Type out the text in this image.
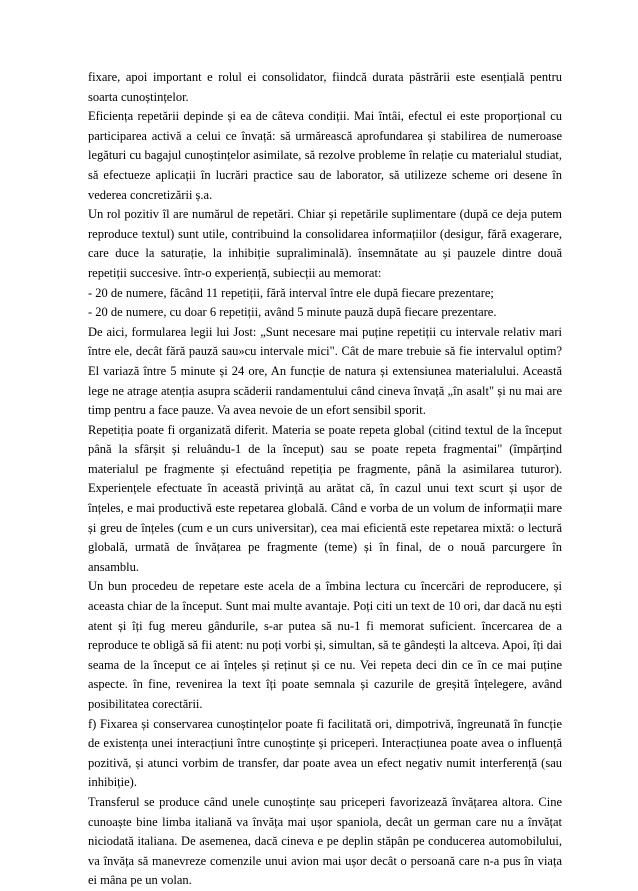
fixare, apoi important e rolul ei consolidator, fiindcă durata păstrării este esențială pentru soarta cunoștințelor.

Eficiența repetării depinde și ea de câteva condiții. Mai întâi, efectul ei este proporțional cu participarea activă a celui ce învață: să urmărească aprofundarea și stabilirea de numeroase legături cu bagajul cunoștințelor asimilate, să rezolve probleme în relație cu materialul studiat, să efectueze aplicații în lucrări practice sau de laborator, să utilizeze scheme ori desene în vederea concretizării ș.a.

Un rol pozitiv îl are numărul de repetări. Chiar și repetările suplimentare (după ce deja putem reproduce textul) sunt utile, contribuind la consolidarea informațiilor (desigur, fără exagerare, care duce la saturație, la inhibiție supraliminală). însemnătate au și pauzele dintre două repetiții succesive. într-o experiență, subiecții au memorat:

- 20 de numere, făcând 11 repetiții, fără interval între ele după fiecare prezentare;

- 20 de numere, cu doar 6 repetiții, având 5 minute pauză după fiecare prezentare.

De aici, formularea legii lui Jost: „Sunt necesare mai puține repetiții cu intervale relativ mari între ele, decât fără pauză sau»cu intervale mici". Cât de mare trebuie să fie intervalul optim? El variază între 5 minute și 24 ore, An funcție de natura și extensiunea materialului. Această lege ne atrage atenția asupra scăderii randamentului când cineva învață „în asalt" și nu mai are timp pentru a face pauze. Va avea nevoie de un efort sensibil sporit.

Repetiția poate fi organizată diferit. Materia se poate repeta global (citind textul de la început până la sfârșit și reluându-1 de la început) sau se poate repeta fragmentai" (împărțind materialul pe fragmente și efectuând repetiția pe fragmente, până la asimilarea tuturor). Experiențele efectuate în această privință au arătat că, în cazul unui text scurt și ușor de înțeles, e mai productivă este repetarea globală. Când e vorba de un volum de informații mare și greu de înțeles (cum e un curs universitar), cea mai eficientă este repetarea mixtă: o lectură globală, urmată de învățarea pe fragmente (teme) și în final, de o nouă parcurgere în ansamblu.

Un bun procedeu de repetare este acela de a îmbina lectura cu încercări de reproducere, și aceasta chiar de la început. Sunt mai multe avantaje. Poți citi un text de 10 ori, dar dacă nu ești atent și îți fug mereu gândurile, s-ar putea să nu-1 fi memorat suficient. încercarea de a reproduce te obligă să fii atent: nu poți vorbi și, simultan, să te gândești la altceva. Apoi, îți dai seama de la început ce ai înțeles și reținut și ce nu. Vei repeta deci din ce în ce mai puține aspecte. în fine, revenirea la text îți poate semnala și cazurile de greșită înțelegere, având posibilitatea corectării.

f) Fixarea și conservarea cunoștințelor poate fi facilitată ori, dimpotrivă, îngreunată în funcție de existența unei interacțiuni între cunoștințe și priceperi. Interacțiunea poate avea o influență pozitivă, și atunci vorbim de transfer, dar poate avea un efect negativ numit interferență (sau inhibiție).

Transferul se produce când unele cunoștințe sau priceperi favorizează învățarea altora. Cine cunoaște bine limba italiană va învăța mai ușor spaniola, decât un german care nu a învățat niciodată italiana. De asemenea, dacă cineva e pe deplin stăpân pe conducerea automobilului, va învăța să manevreze comenzile unui avion mai ușor decât o persoană care n-a pus în viața ei mâna pe un volan.
